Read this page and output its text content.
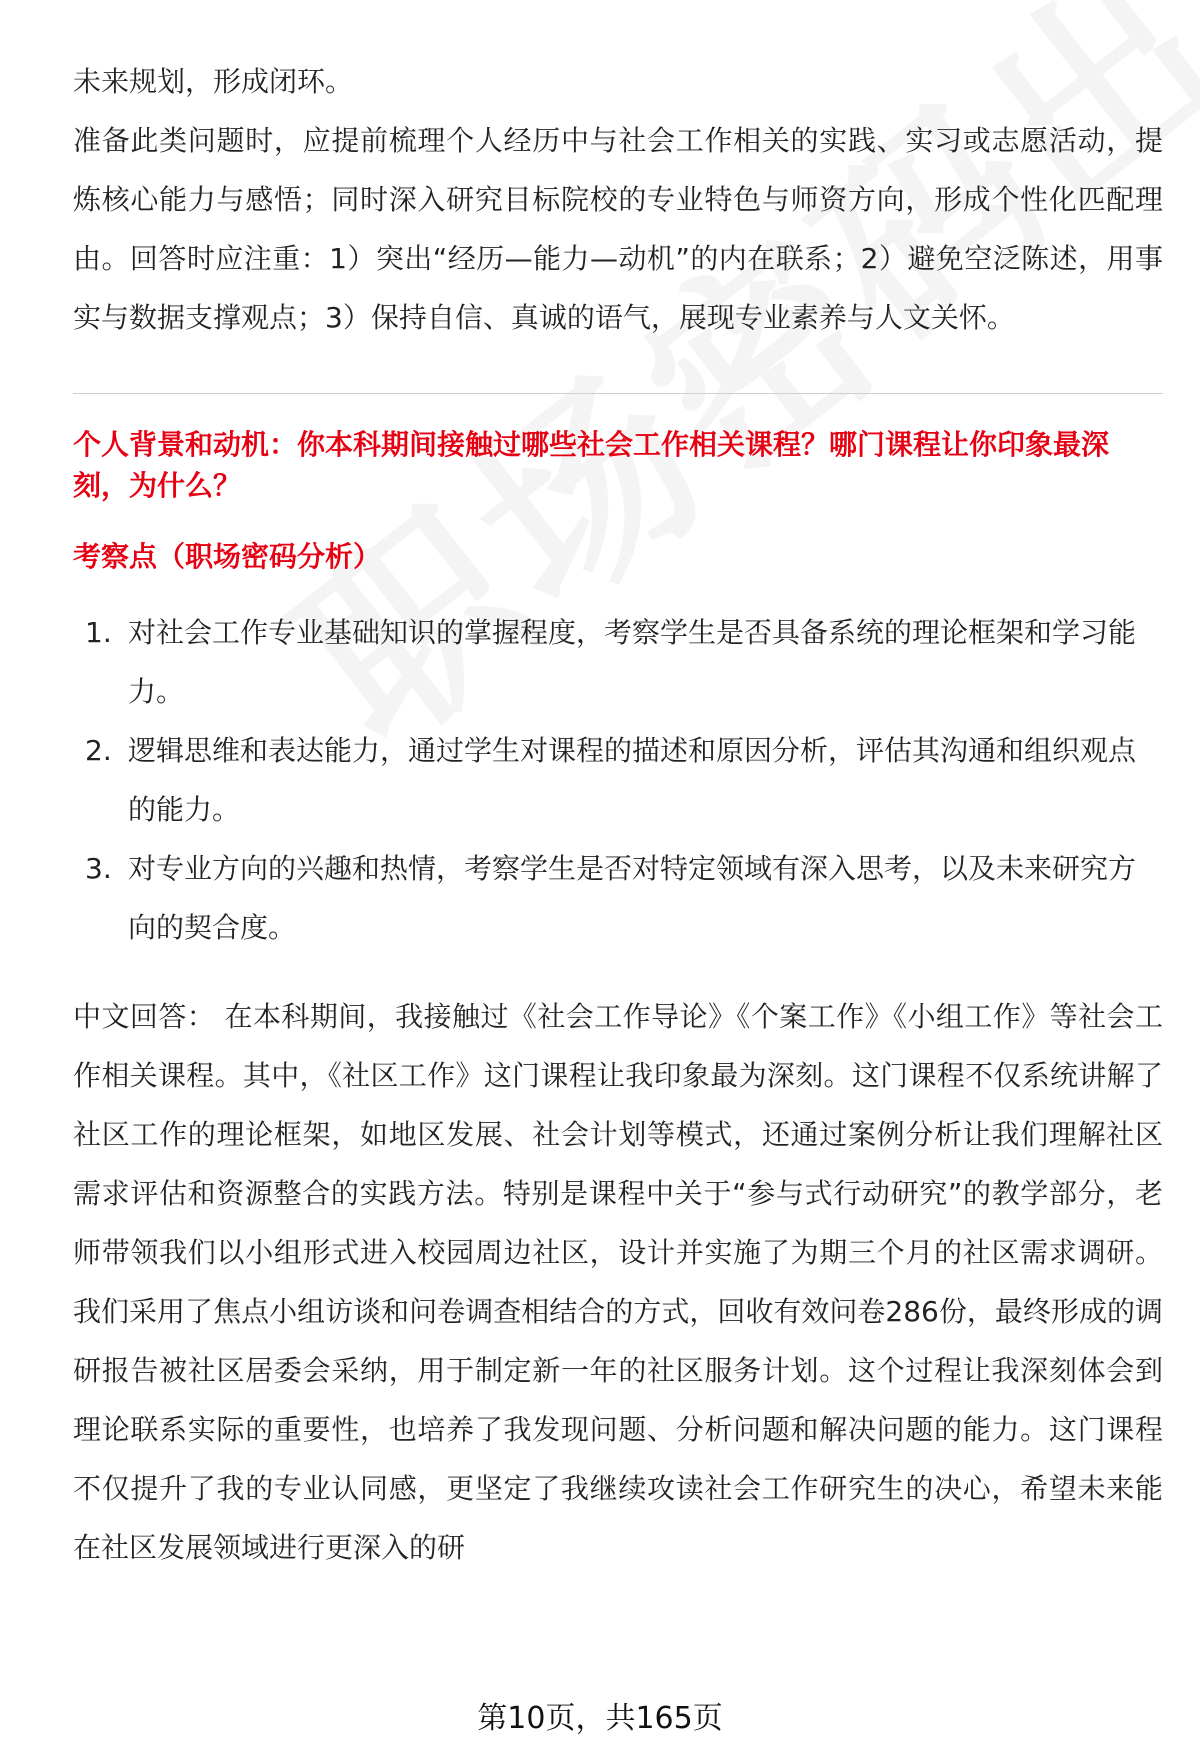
未来规划，形成闭环。

准备此类问题时，应提前梳理个人经历中与社会工作相关的实践、实习或志愿活动，提炼核心能力与感悟；同时深入研究目标院校的专业特色与师资方向，形成个性化匹配理由。回答时应注重：1）突出“经历—能力—动机”的内在联系；2）避免空泛陈述，用事实与数据支撑观点；3）保持自信、真诚的语气，展现专业素养与人文关怀。

个人背景和动机：你本科期间接触过哪些社会工作相关课程？哪门课程让你印象最深刻，为什么？

考察点（职场密码分析）

1. 对社会工作专业基础知识的掌握程度，考察学生是否具备系统的理论框架和学习能力。
2. 逻辑思维和表达能力，通过学生对课程的描述和原因分析，评估其沟通和组织观点的能力。
3. 对专业方向的兴趣和热情，考察学生是否对特定领域有深入思考，以及未来研究方向的契合度。

中文回答： 在本科期间，我接触过《社会工作导论》《个案工作》《小组工作》等社会工作相关课程。其中，《社区工作》这门课程让我印象最为深刻。这门课程不仅系统讲解了社区工作的理论框架，如地区发展、社会计划等模式，还通过案例分析让我们理解社区需求评估和资源整合的实践方法。特别是课程中关于“参与式行动研究”的教学部分，老师带领我们以小组形式进入校园周边社区，设计并实施了为期三个月的社区需求调研。我们采用了焦点小组访谈和问卷调查相结合的方式，回收有效问卷286份，最终形成的调研报告被社区居委会采纳，用于制定新一年的社区服务计划。这个过程让我深刻体会到理论联系实际的重要性，也培养了我发现问题、分析问题和解决问题的能力。这门课程不仅提升了我的专业认同感，更坚定了我继续攻读社会工作研究生的决心，希望未来能在社区发展领域进行更深入的研

第10页，共165页
